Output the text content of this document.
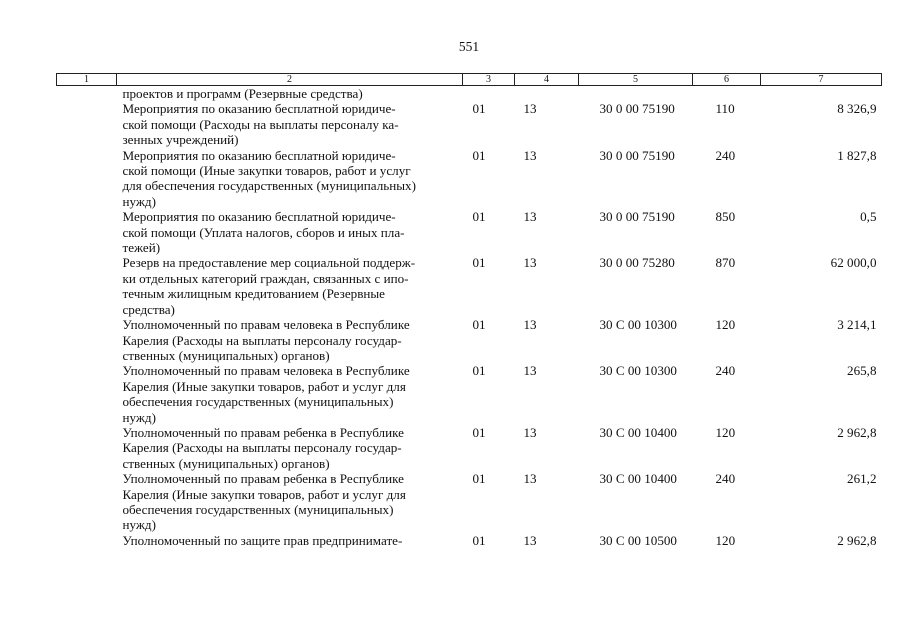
551
1	2	3	4	5	6	7

	проектов и программ (Резервные средства)					

	Мероприятия по оказанию бесплатной юридиче-
ской помощи (Расходы на выплаты персоналу ка-
зенных учреждений)	01	13	30 0 00 75190	110	8 326,9

	Мероприятия по оказанию бесплатной юридиче-
ской помощи (Иные закупки товаров, работ и услуг
для обеспечения государственных (муниципальных)
нужд)	01	13	30 0 00 75190	240	1 827,8

	Мероприятия по оказанию бесплатной юридиче-
ской помощи (Уплата налогов, сборов и иных пла-
тежей)	01	13	30 0 00 75190	850	0,5

	Резерв на предоставление мер социальной поддерж-
ки отдельных категорий граждан, связанных с ипо-
течным жилищным кредитованием (Резервные
средства)	01	13	30 0 00 75280	870	62 000,0

	Уполномоченный по правам человека в Республике
Карелия (Расходы на выплаты персоналу государ-
ственных (муниципальных) органов)	01	13	30 С 00 10300	120	3 214,1

	Уполномоченный по правам человека в Республике
Карелия (Иные закупки товаров, работ и услуг для
обеспечения государственных (муниципальных)
нужд)	01	13	30 С 00 10300	240	265,8

	Уполномоченный по правам ребенка в Республике
Карелия (Расходы на выплаты персоналу государ-
ственных (муниципальных) органов)	01	13	30 С 00 10400	120	2 962,8

	Уполномоченный по правам ребенка в Республике
Карелия (Иные закупки товаров, работ и услуг для
обеспечения государственных (муниципальных)
нужд)	01	13	30 С 00 10400	240	261,2

	Уполномоченный по защите прав предпринимате-	01	13	30 С 00 10500	120	2 962,8
